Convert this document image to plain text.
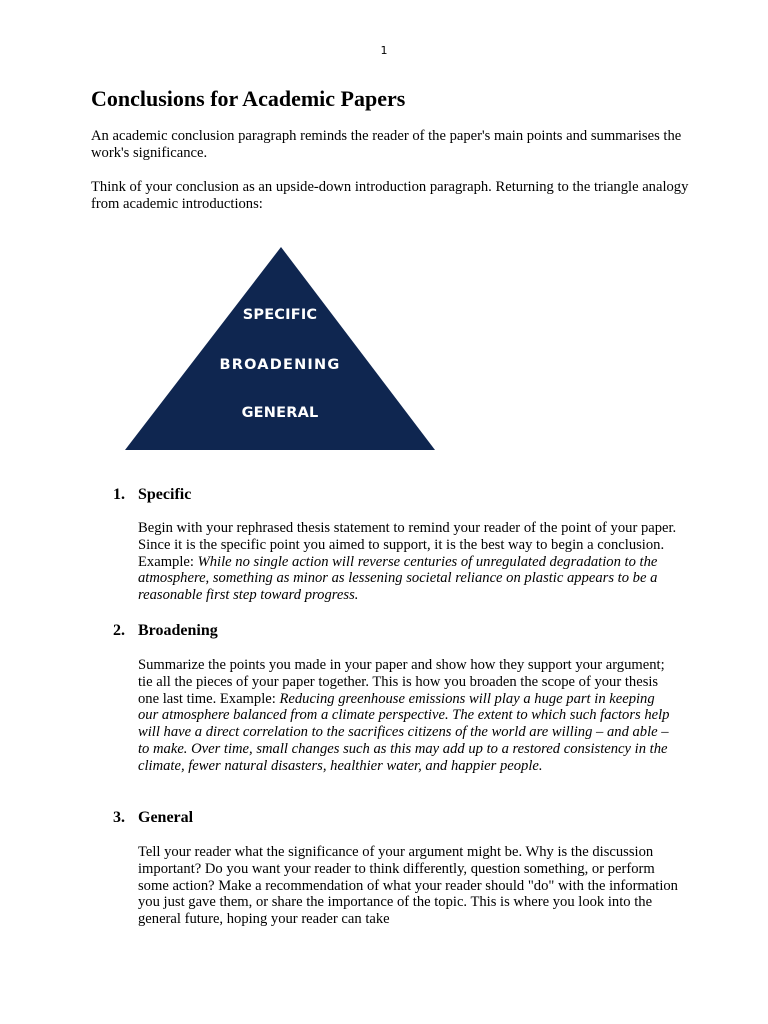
1
Conclusions for Academic Papers

An academic conclusion paragraph reminds the reader of the paper's main points and summarises the work's significance.

Think of your conclusion as an upside-down introduction paragraph. Returning to the triangle analogy from academic introductions:

SPECIFIC
BROADENING
GENERAL
1. Specific

Begin with your rephrased thesis statement to remind your reader of the point of your paper. Since it is the specific point you aimed to support, it is the best way to begin a conclusion. Example: While no single action will reverse centuries of unregulated degradation to the atmosphere, something as minor as lessening societal reliance on plastic appears to be a reasonable first step toward progress.

2. Broadening

Summarize the points you made in your paper and show how they support your argument; tie all the pieces of your paper together. This is how you broaden the scope of your thesis one last time. Example: Reducing greenhouse emissions will play a huge part in keeping our atmosphere balanced from a climate perspective. The extent to which such factors help will have a direct correlation to the sacrifices citizens of the world are willing – and able – to make. Over time, small changes such as this may add up to a restored consistency in the climate, fewer natural disasters, healthier water, and happier people.

3. General

Tell your reader what the significance of your argument might be. Why is the discussion important? Do you want your reader to think differently, question something, or perform some action? Make a recommendation of what your reader should "do" with the information you just gave them, or share the importance of the topic. This is where you look into the general future, hoping your reader can take
